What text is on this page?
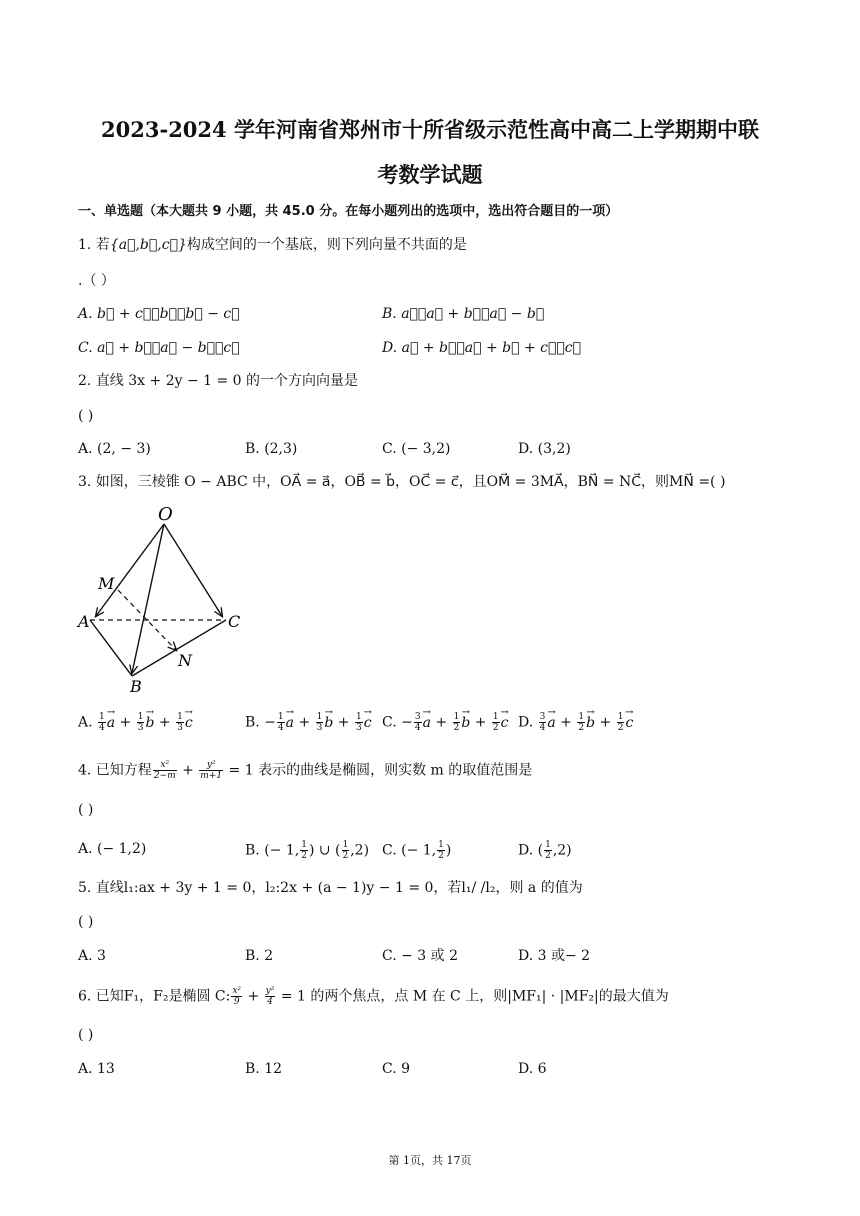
2023-2024 学年河南省郑州市十所省级示范性高中高二上学期期中联
考数学试题
一、单选题（本大题共 9 小题，共 45.0 分。在每小题列出的选项中，选出符合题目的一项）
1. 若{a⃗,b⃗,c⃗}构成空间的一个基底，则下列向量不共面的是
.（ ）
A. b⃗ + c⃗，b⃗，b⃗ − c⃗	B. a⃗，a⃗ + b⃗，a⃗ − b⃗
C. a⃗ + b⃗，a⃗ − b⃗，c⃗	D. a⃗ + b⃗，a⃗ + b⃗ + c⃗，c⃗
2. 直线 3x + 2y − 1 = 0 的一个方向向量是
( )
A. (2, − 3)	B. (2,3)	C. (− 3,2)	D. (3,2)
3. 如图，三棱锥 O − ABC 中，OA⃗ = a⃗，OB⃗ = b⃗，OC⃗ = c⃗，且OM⃗ = 3MA⃗，BN⃗ = NC⃗，则MN⃗ =( )
O
M
A	C
N
B
A. $\frac{1}{4}$
→ $a + \frac{1}{3}$
→ $b + \frac{1}{3}$
→ c	B. − $\frac{1}{4}$
→ $a + \frac{1}{3}$
→ $b + \frac{1}{3}$
→ c C. − $\frac{3}{4}$
→ $a + \frac{1}{2}$
→ $b + \frac{1}{2}$
→ c D. $\frac{3}{4}$
→ $a + \frac{1}{2}$
→ $b + \frac{1}{2}$
→ c
4. 已知方程 $\frac{\text{x²}}{2-m} + \frac{\text{y²}}{m+1} = 1$ 表示的曲线是椭圆，则实数 m 的取值范围是
( )
A. (− 1,2)	B. (− 1, $\frac{1}{2}$ ) ∪ ( $\frac{1}{2} ,2$) C. (− 1, $\frac{1}{2}$ )	D. ( $\frac{1}{2} ,2$)
5. 直线l₁:ax + 3y + 1 = 0，l₂:2x + (a − 1)y − 1 = 0，若l₁/ /l₂，则 a 的值为
( )
A. 3	B. 2	C. − 3 或 2	D. 3 或− 2
6. 已知F₁，F₂是椭圆 C: $\frac{\text{x²}}{9} + \frac{\text{y²}}{4} = 1$ 的两个焦点，点 M 在 C 上，则|MF₁| · |MF₂|的最大值为
( )
A. 13	B. 12	C. 9	D. 6
第 1页，共 17页
